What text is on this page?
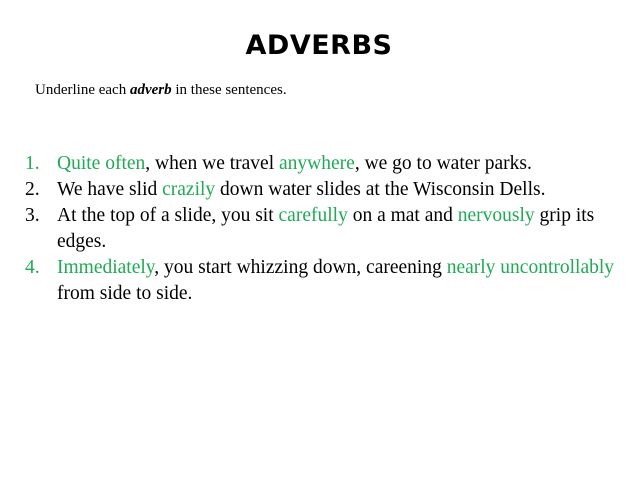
ADVERBS
Underline each adverb in these sentences.
1. Quite often, when we travel anywhere, we go to water parks.
2. We have slid crazily down water slides at the Wisconsin Dells.
3. At the top of a slide, you sit carefully on a mat and nervously grip its edges.
4. Immediately, you start whizzing down, careening nearly uncontrollably from side to side.
